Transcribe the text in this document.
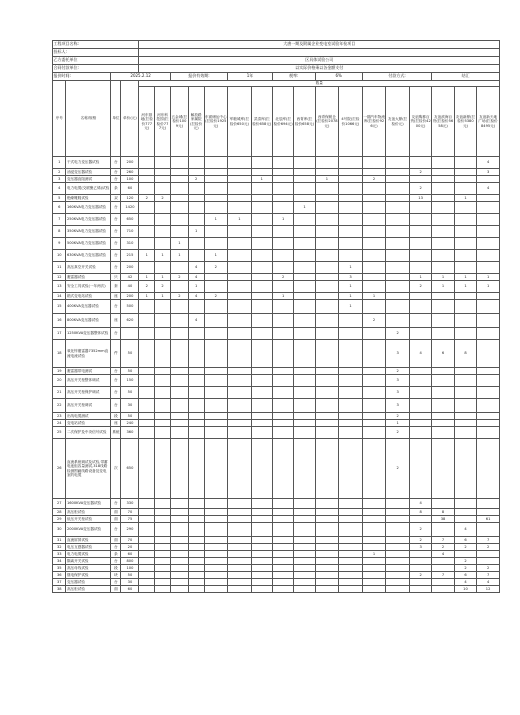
工程项目名称:				大唐一期及附属企业变电室试验年检项目																
投标人:																				
乙方委托单位				区具体试验公司																
合同付款单位:				以实际价格乘以各金额支付																
报价时间:		2025.2.12				报价有效期:			1年		税率:		6%		付款方式:			结汇		
序号	名称/规格	单位	单价(元)	数量																
				河东基地(拦检价777元)	河东科技园(拦检价777元)	五金城(拦检价1009元)	解放路家属院(拦检价元)	东面储运中心(拦检价1925元)	军粮城库(拦检价650元)	武清库(拦检价658元)	北辰库(拦检价694元)	西青库(拦检价658元)	西青保税仓(拦检价2078元)	4号院(拦检价1066元)	一期汽车物流库(拦检价926元)	友谊大厦(拦检价元)	友谊购都百货(拦检价4200元)	友谊滨海百货(拦检价5658元)	友谊新厦(拦检价5380元)	友谊新天地广场(拦检价8495元)
1	干式电力变压器试验	台	200																	4
2	油浸变压器试验	台	260														2			3
3	变压器直阻测试	台	100				2			1			1		2					
4	电力电缆(交联聚乙烯)试验	条	60														2			4
5	绝缘靴鞋试验	双	120	2	2												13		1	
6	160KVA电力变压器试验	台	1420									1								
7	250KVA电力变压器试验	台	650					1	1		1									
8	350KVA电力变压器试验	台	710				1													
9	500KVA电力变压器试验	台	310			1														
10	630KVA电力变压器试验	台	215	1	1	1		1												
11	高压真空开关试验	台	200				4	2						1						
12	避雷器试验	只	42	1	1	2	4				2			3			1	1	1	1
13	安全工具试验(一年两次)	套	40	2	2		1							1			2	1	1	1
14	箱式变电站试验	座	200	1	1	2	4	2			1			1	1					
15	400KVA变压器试验	台	500											1						
16	800KVA变压器试验	座	620				4								2					
17	1250KVA变压器整体试验	台														2				
18	氧化锌避雷器7352mm直流电流试验	件	50													3	4	6	8	
19	避雷器带电测试	台	50													2				
20	高压开关柜整体调试	台	150													3				
21	高压开关柜保护调试	台	50													3				
22	高压开关柜调试	台	30													3				
23	出线电缆测试	段	50													2				
24	变电站试验	座	240													1				
25	二次保护及中央信号试验	系统	360													2				
26	直流系统调试及试验,带蓄电池组容量测试,318线路检测围蔽线路设备及变电室的电缆	次	650													2				
27	1600KVA变压器试验	台	330														4			
28	高压柜试验	面	70														8	8		
29	低压开关柜试验	面	75															38		61
30	2000KVA变压器试验	台	290														2		4	
31	直流屏屏试验	面	70														2	7	6	7
32	电压互感器试验	台	20														3	2	2	2
33	电力电缆试验	条	60												1			4		
34	隔离开关试验	台	800																2	
35	高压母线试验	段	100																2	2
36	继电保护试验	块	50														2	7	6	7
37	变压器试验	台	30																4	4
38	高压柜试验	面	60																10	12
